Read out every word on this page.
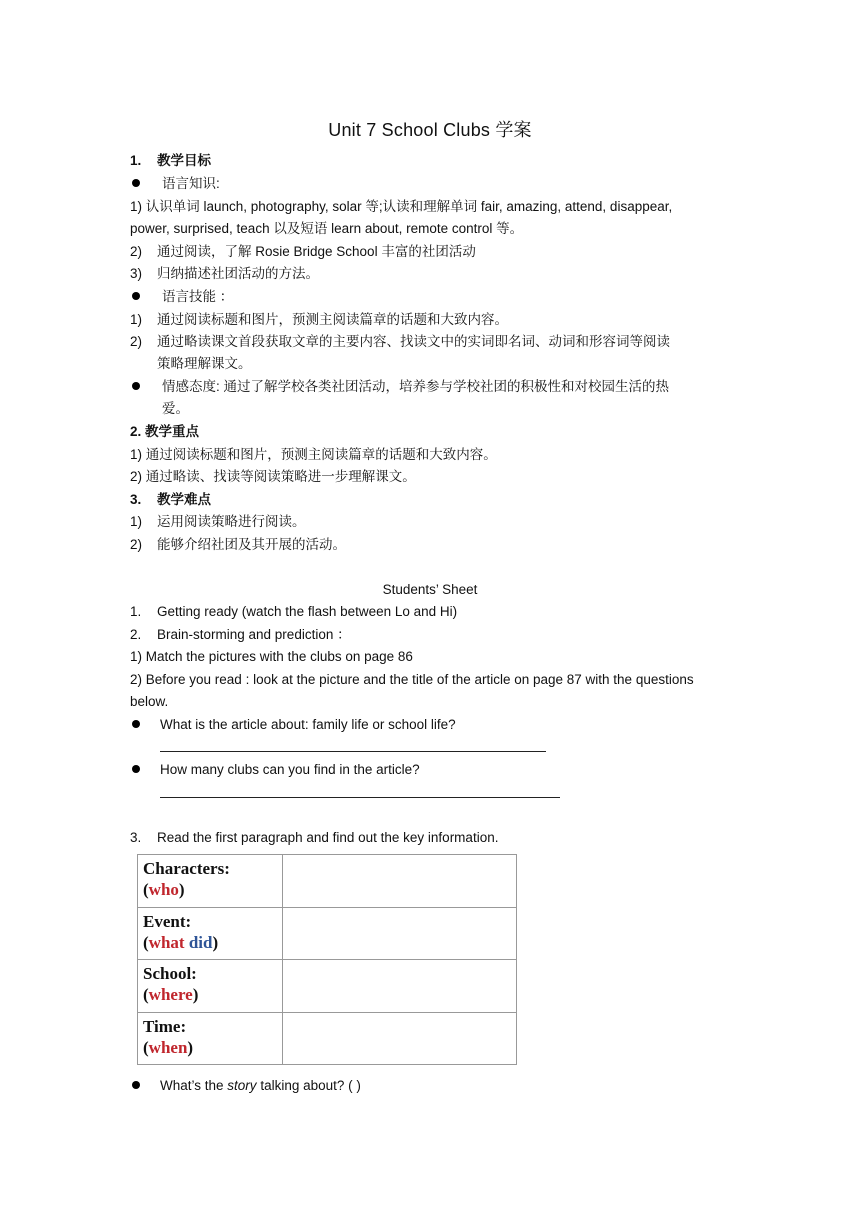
Unit 7 School Clubs 学案
1. 教学目标
语言知识:
1) 认识单词 launch, photography, solar 等;认读和理解单词 fair, amazing, attend, disappear,
power, surprised, teach 以及短语 learn about, remote control 等。
2) 通过阅读，了解 Rosie Bridge School 丰富的社团活动
3) 归纳描述社团活动的方法。
语言技能 ：
1) 通过阅读标题和图片，预测主阅读篇章的话题和大致内容。
2) 通过略读课文首段获取文章的主要内容、找读文中的实词即名词、动词和形容词等阅读
策略理解课文。
情感态度: 通过了解学校各类社团活动，培养参与学校社团的积极性和对校园生活的热
爱。
2. 教学重点
1) 通过阅读标题和图片，预测主阅读篇章的话题和大致内容。
2) 通过略读、找读等阅读策略进一步理解课文。
3. 教学难点
1) 运用阅读策略进行阅读。
2) 能够介绍社团及其开展的活动。
Students’ Sheet
1. Getting ready (watch the flash between Lo and Hi)
2. Brain-storming and prediction ：
1) Match the pictures with the clubs on page 86
2) Before you read : look at the picture and the title of the article on page 87 with the questions
below.
What is the article about: family life or school life?
How many clubs can you find in the article?
3. Read the first paragraph and find out the key information.
Characters:
(who)	
Event:
(what did)	
School:
(where)	
Time:
(when)	
What’s the story talking about? ( )
